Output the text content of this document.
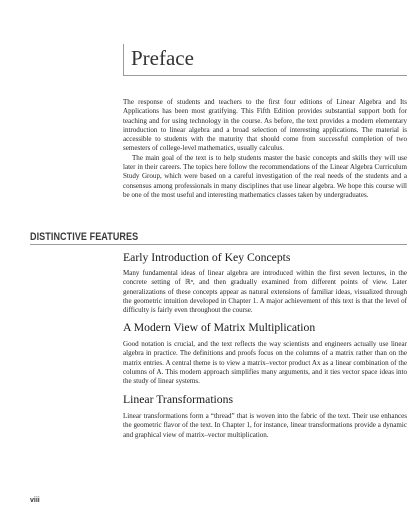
Preface

The response of students and teachers to the first four editions of Linear Algebra and Its Applications has been most gratifying. This Fifth Edition provides substantial support both for teaching and for using technology in the course. As before, the text provides a modern elementary introduction to linear algebra and a broad selection of interesting applications. The material is accessible to students with the maturity that should come from successful completion of two semesters of college-level mathematics, usually calculus.

The main goal of the text is to help students master the basic concepts and skills they will use later in their careers. The topics here follow the recommendations of the Linear Algebra Curriculum Study Group, which were based on a careful investigation of the real needs of the students and a consensus among professionals in many disciplines that use linear algebra. We hope this course will be one of the most useful and interesting mathematics classes taken by undergraduates.

DISTINCTIVE FEATURES
Early Introduction of Key Concepts

Many fundamental ideas of linear algebra are introduced within the first seven lectures, in the concrete setting of ℝⁿ, and then gradually examined from different points of view. Later generalizations of these concepts appear as natural extensions of familiar ideas, visualized through the geometric intuition developed in Chapter 1. A major achievement of this text is that the level of difficulty is fairly even throughout the course.

A Modern View of Matrix Multiplication

Good notation is crucial, and the text reflects the way scientists and engineers actually use linear algebra in practice. The definitions and proofs focus on the columns of a matrix rather than on the matrix entries. A central theme is to view a matrix–vector product Ax as a linear combination of the columns of A. This modern approach simplifies many arguments, and it ties vector space ideas into the study of linear systems.

Linear Transformations

Linear transformations form a “thread” that is woven into the fabric of the text. Their use enhances the geometric flavor of the text. In Chapter 1, for instance, linear transformations provide a dynamic and graphical view of matrix–vector multiplication.

viii
